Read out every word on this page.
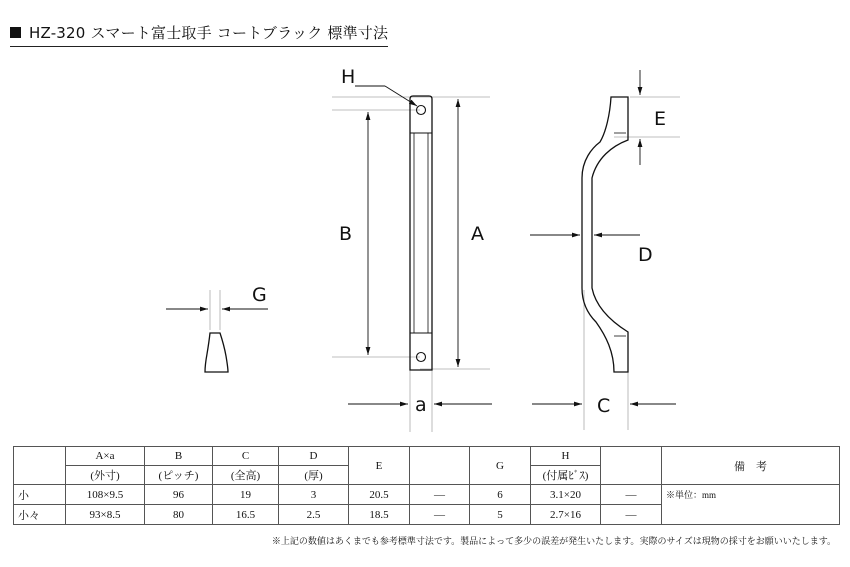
HZ-320 スマート富士取手 コートブラック 標準寸法
H
B	A
a
G
E
D
C
	A×a	B	C	D	E		G	H		備　考
	(外寸)	(ピッチ)	(全高)	(厚)				(付属ﾋﾞｽ)		
小	108×9.5	96	19	3	20.5	—	6	3.1×20	—	※単位：mm
小々	93×8.5	80	16.5	2.5	18.5	—	5	2.7×16	—	
※上記の数値はあくまでも参考標準寸法です。製品によって多少の誤差が発生いたします。実際のサイズは現物の採寸をお願いいたします。
